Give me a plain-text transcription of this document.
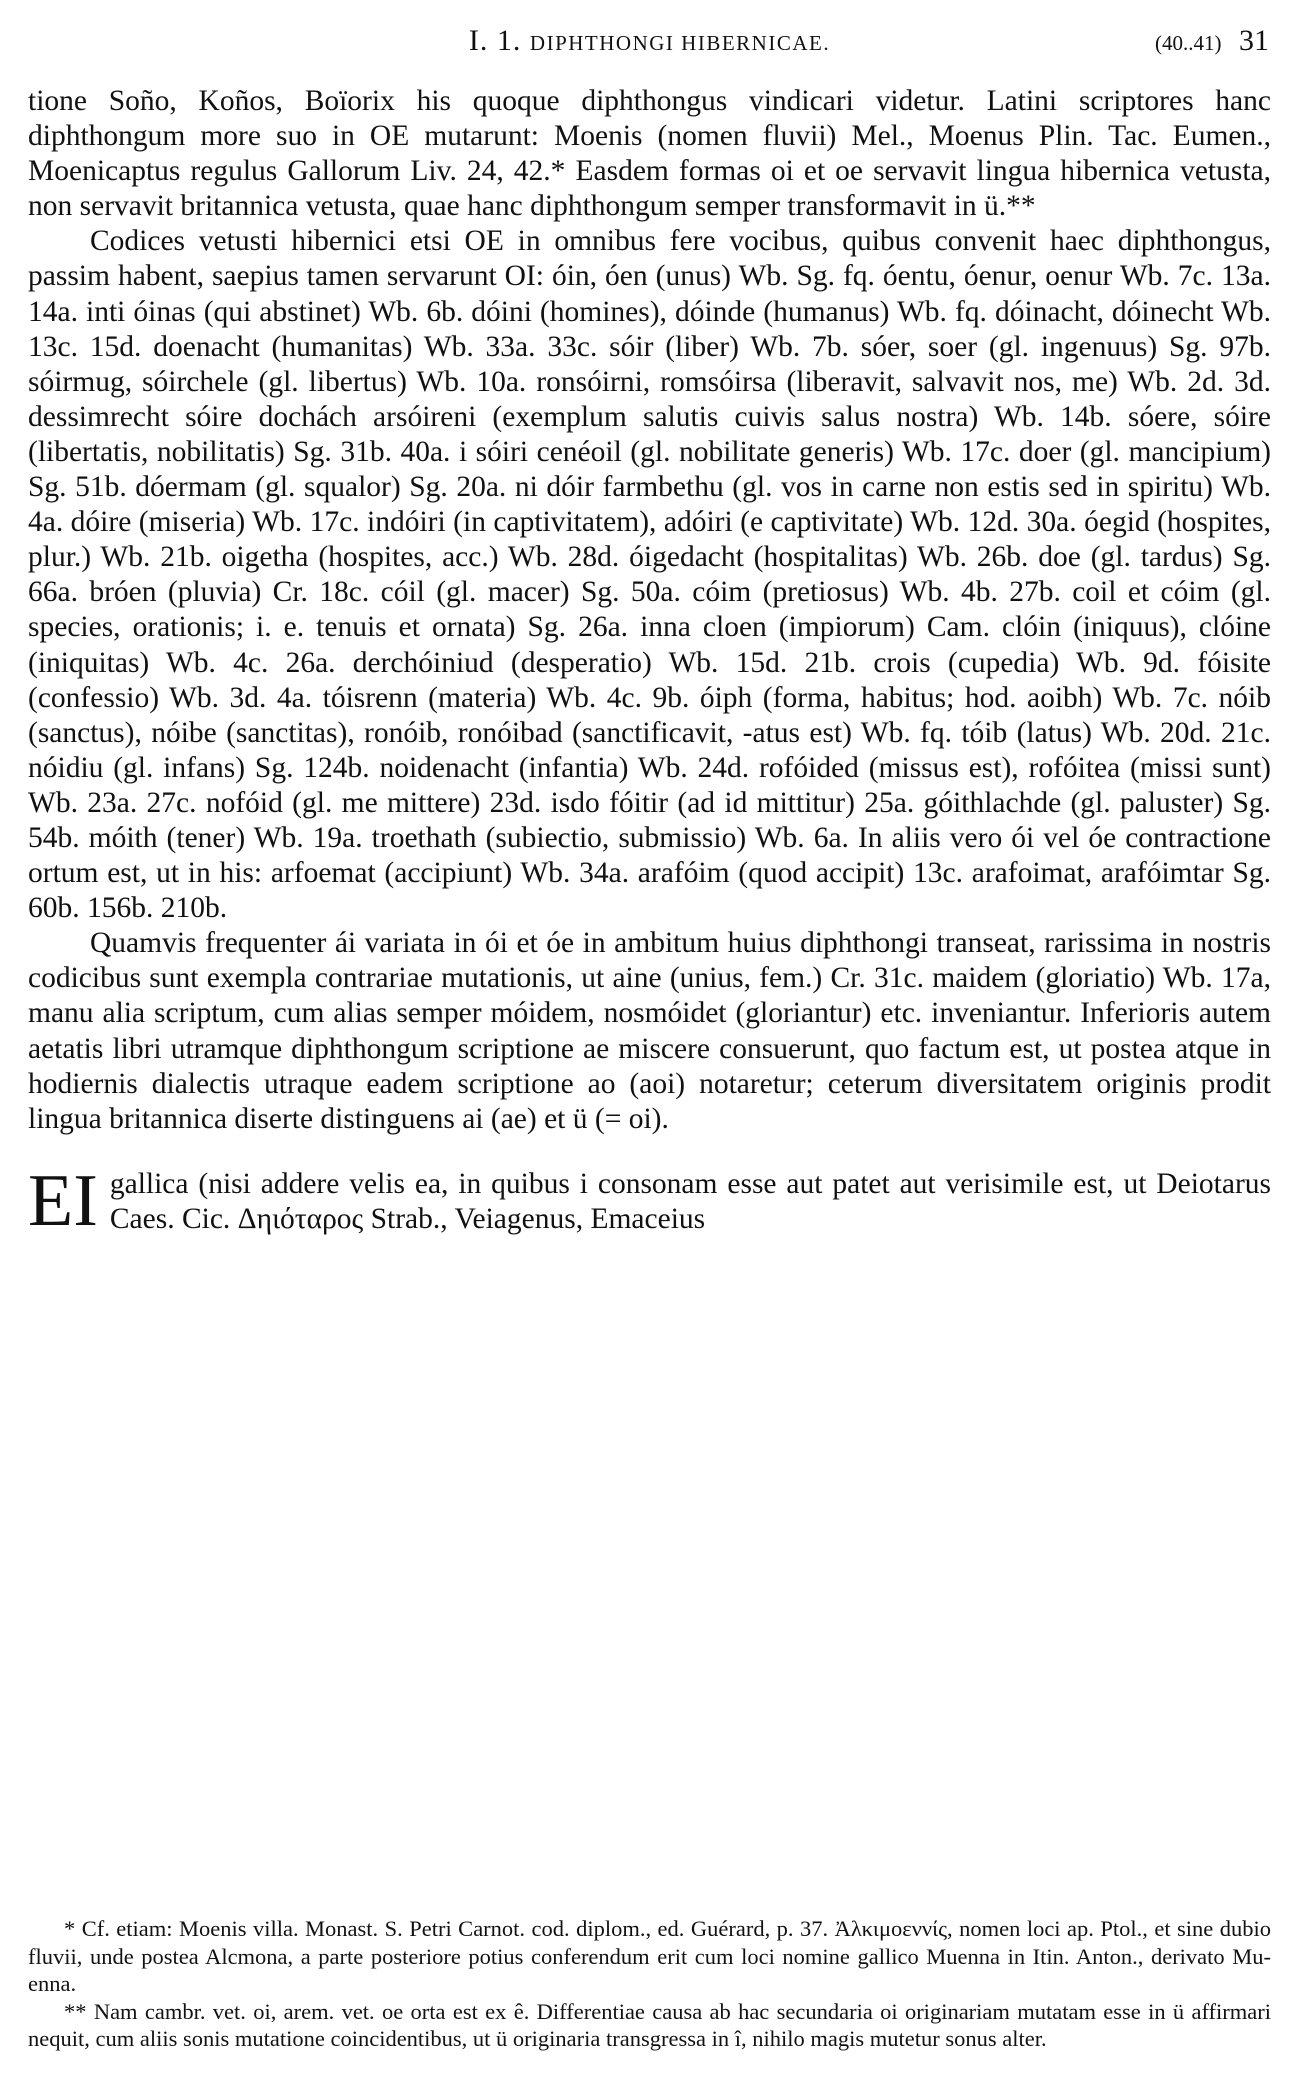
I. 1. DIPHTHONGI HIBERNICAE.	(40..41) 31

tione Soño, Koños, Boïorix his quoque diphthongus vindicari videtur. Latini scriptores hanc diphthongum more suo in OE mutarunt: Moenis (nomen fluvii) Mel., Moenus Plin. Tac. Eumen., Moenicaptus regulus Gallorum Liv. 24, 42.* Easdem formas oi et oe servavit lingua hibernica vetusta, non servavit britannica vetusta, quae hanc diphthongum semper transformavit in ü.**

Codices vetusti hibernici etsi OE in omnibus fere vocibus, quibus convenit haec diphthongus, passim habent, saepius tamen servarunt OI: óin, óen (unus) Wb. Sg. fq. óentu, óenur, oenur Wb. 7c. 13a. 14a. inti óinas (qui abstinet) Wb. 6b. dóini (homines), dóinde (humanus) Wb. fq. dóinacht, dóinecht Wb. 13c. 15d. doenacht (humanitas) Wb. 33a. 33c. sóir (liber) Wb. 7b. sóer, soer (gl. ingenuus) Sg. 97b. sóirmug, sóirchele (gl. libertus) Wb. 10a. ronsóirni, romsóirsa (liberavit, salvavit nos, me) Wb. 2d. 3d. dessimrecht sóire dochách arsóireni (exemplum salutis cuivis salus nostra) Wb. 14b. sóere, sóire (libertatis, nobilitatis) Sg. 31b. 40a. i sóiri cenéoil (gl. nobilitate generis) Wb. 17c. doer (gl. mancipium) Sg. 51b. dóermam (gl. squalor) Sg. 20a. ni dóir farmbethu (gl. vos in carne non estis sed in spiritu) Wb. 4a. dóire (miseria) Wb. 17c. indóiri (in captivitatem), adóiri (e captivitate) Wb. 12d. 30a. óegid (hospites, plur.) Wb. 21b. oigetha (hospites, acc.) Wb. 28d. óigedacht (hospitalitas) Wb. 26b. doe (gl. tardus) Sg. 66a. bróen (pluvia) Cr. 18c. cóil (gl. macer) Sg. 50a. cóim (pretiosus) Wb. 4b. 27b. coil et cóim (gl. species, orationis; i. e. tenuis et ornata) Sg. 26a. inna cloen (impiorum) Cam. clóin (iniquus), clóine (iniquitas) Wb. 4c. 26a. derchóiniud (desperatio) Wb. 15d. 21b. crois (cupedia) Wb. 9d. fóisite (confessio) Wb. 3d. 4a. tóisrenn (materia) Wb. 4c. 9b. óiph (forma, habitus; hod. aoibh) Wb. 7c. nóib (sanctus), nóibe (sanctitas), ronóib, ronóibad (sanctificavit, -atus est) Wb. fq. tóib (latus) Wb. 20d. 21c. nóidiu (gl. infans) Sg. 124b. noidenacht (infantia) Wb. 24d. rofóided (missus est), rofóitea (missi sunt) Wb. 23a. 27c. nofóid (gl. me mittere) 23d. isdo fóitir (ad id mittitur) 25a. góithlachde (gl. paluster) Sg. 54b. móith (tener) Wb. 19a. troethath (subiectio, submissio) Wb. 6a. In aliis vero ói vel óe contractione ortum est, ut in his: arfoemat (accipiunt) Wb. 34a. arafóim (quod accipit) 13c. arafoimat, arafóimtar Sg. 60b. 156b. 210b.

Quamvis frequenter ái variata in ói et óe in ambitum huius diphthongi transeat, rarissima in nostris codicibus sunt exempla contrariae mutationis, ut aine (unius, fem.) Cr. 31c. maidem (gloriatio) Wb. 17a, manu alia scriptum, cum alias semper móidem, nosmóidet (gloriantur) etc. inveniantur. Inferioris autem aetatis libri utramque diphthongum scriptione ae miscere consuerunt, quo factum est, ut postea atque in hodiernis dialectis utraque eadem scriptione ao (aoi) notaretur; ceterum diversitatem originis prodit lingua britannica diserte distinguens ai (ae) et ü (= oi).

EI gallica (nisi addere velis ea, in quibus i consonam esse aut patet aut verisimile est, ut Deiotarus Caes. Cic. Δηιόταρος Strab., Veiagenus, Emaceius

* Cf. etiam: Moenis villa. Monast. S. Petri Carnot. cod. diplom., ed. Guérard, p. 37. Ἀλκιμοεννίς, nomen loci ap. Ptol., et sine dubio fluvii, unde postea Alcmona, a parte posteriore potius conferendum erit cum loci nomine gallico Muenna in Itin. Anton., derivato Mu-enna.

** Nam cambr. vet. oi, arem. vet. oe orta est ex ê. Differentiae causa ab hac secundaria oi originariam mutatam esse in ü affirmari nequit, cum aliis sonis mutatione coincidentibus, ut ü originaria transgressa in î, nihilo magis mutetur sonus alter.
